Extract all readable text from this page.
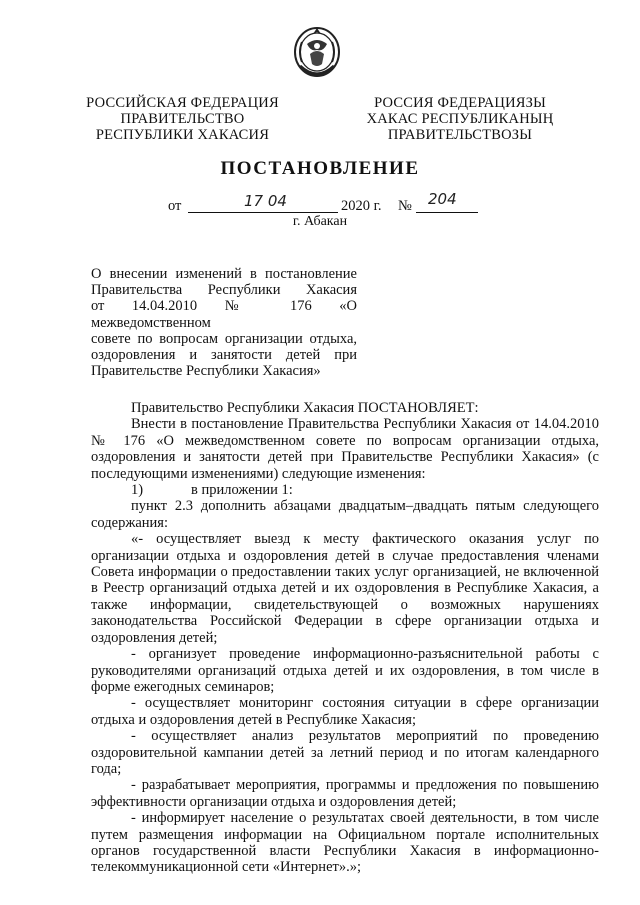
РОССИЙСКАЯ ФЕДЕРАЦИЯ
ПРАВИТЕЛЬСТВО
РЕСПУБЛИКИ ХАКАСИЯ
РОССИЯ ФЕДЕРАЦИЯЗЫ
ХАКАС РЕСПУБЛИКАНЫҢ
ПРАВИТЕЛЬСТВОЗЫ
ПОСТАНОВЛЕНИЕ
от	17 04	2020 г. № 204
г. Абакан
О внесении изменений в постановление
Правительства Республики Хакасия
от 14.04.2010 № 176 «О межведомственном
совете по вопросам организации отдыха,
оздоровления и занятости детей при
Правительстве Республики Хакасия»

Правительство Республики Хакасия ПОСТАНОВЛЯЕТ:

Внести в постановление Правительства Республики Хакасия от 14.04.2010 № 176 «О межведомственном совете по вопросам организации отдыха, оздоровления и занятости детей при Правительстве Республики Хакасия» (с последующими изменениями) следующие изменения:

1)	в приложении 1:

пункт 2.3 дополнить абзацами двадцатым–двадцать пятым следующего содержания:

«- осуществляет выезд к месту фактического оказания услуг по организации отдыха и оздоровления детей в случае предоставления членами Совета информации о предоставлении таких услуг организацией, не включенной в Реестр организаций отдыха детей и их оздоровления в Республике Хакасия, а также информации, свидетельствующей о возможных нарушениях законодательства Российской Федерации в сфере организации отдыха и оздоровления детей;

- организует проведение информационно-разъяснительной работы с руководителями организаций отдыха детей и их оздоровления, в том числе в форме ежегодных семинаров;

- осуществляет мониторинг состояния ситуации в сфере организации отдыха и оздоровления детей в Республике Хакасия;

- осуществляет анализ результатов мероприятий по проведению оздоровительной кампании детей за летний период и по итогам календарного года;

- разрабатывает мероприятия, программы и предложения по повышению эффективности организации отдыха и оздоровления детей;

- информирует население о результатах своей деятельности, в том числе путем размещения информации на Официальном портале исполнительных органов государственной власти Республики Хакасия в информационно-телекоммуникационной сети «Интернет».»;
